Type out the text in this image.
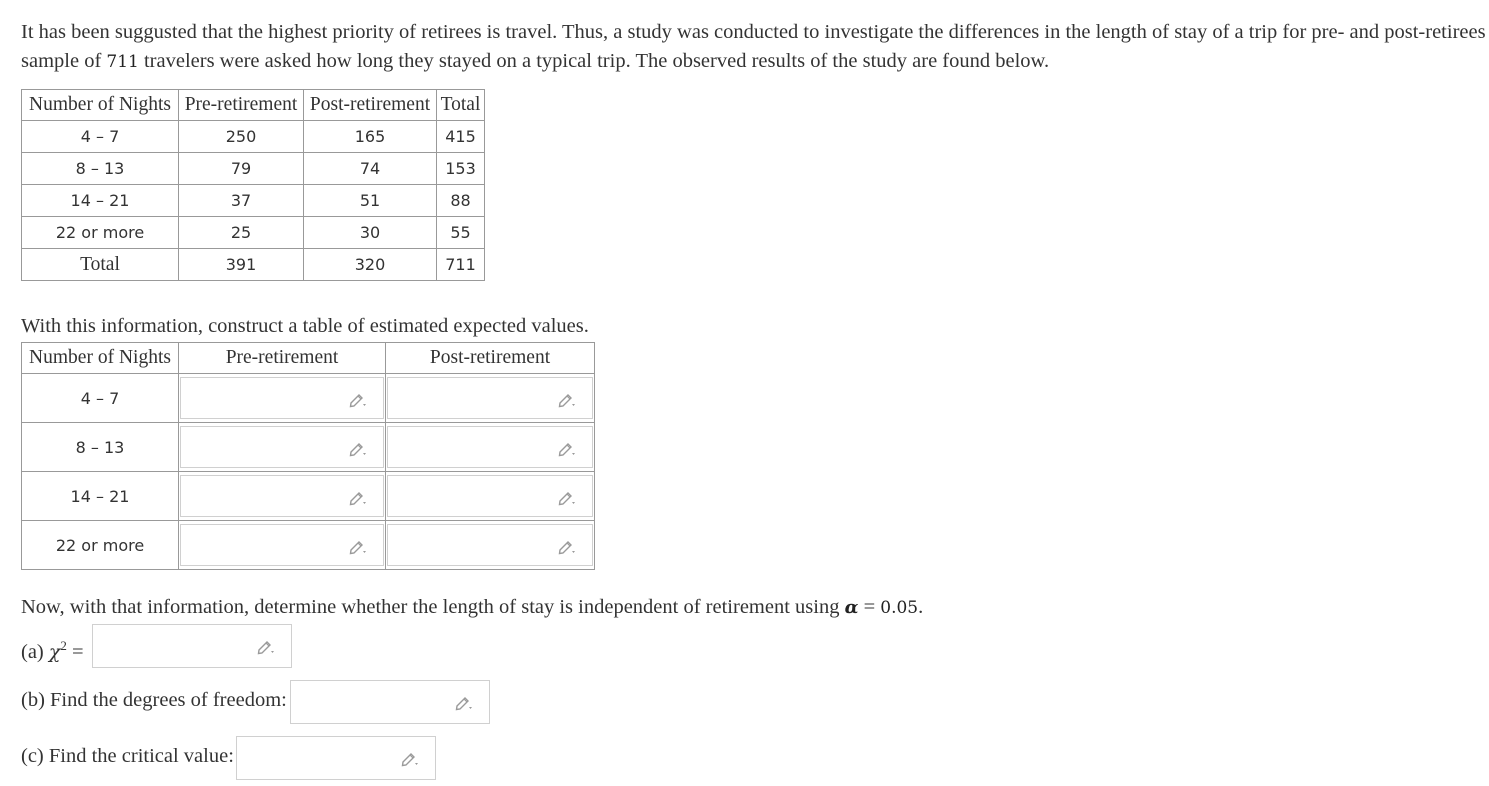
It has been suggusted that the highest priority of retirees is travel. Thus, a study was conducted to investigate the differences in the length of stay of a trip for pre- and post-retirees
sample of 711 travelers were asked how long they stayed on a typical trip. The observed results of the study are found below.
Number of Nights	Pre-retirement	Post-retirement	Total
4 – 7	250	165	415
8 – 13	79	74	153
14 – 21	37	51	88
22 or more	25	30	55
Total	391	320	711
With this information, construct a table of estimated expected values.
Number of Nights	Pre-retirement	Post-retirement
4 – 7	

8 – 13	

14 – 21	

22 or more	

Now, with that information, determine whether the length of stay is independent of retirement using α = 0.05.
(a) $\chi^2$ =
(b) Find the degrees of freedom:
(c) Find the critical value:
